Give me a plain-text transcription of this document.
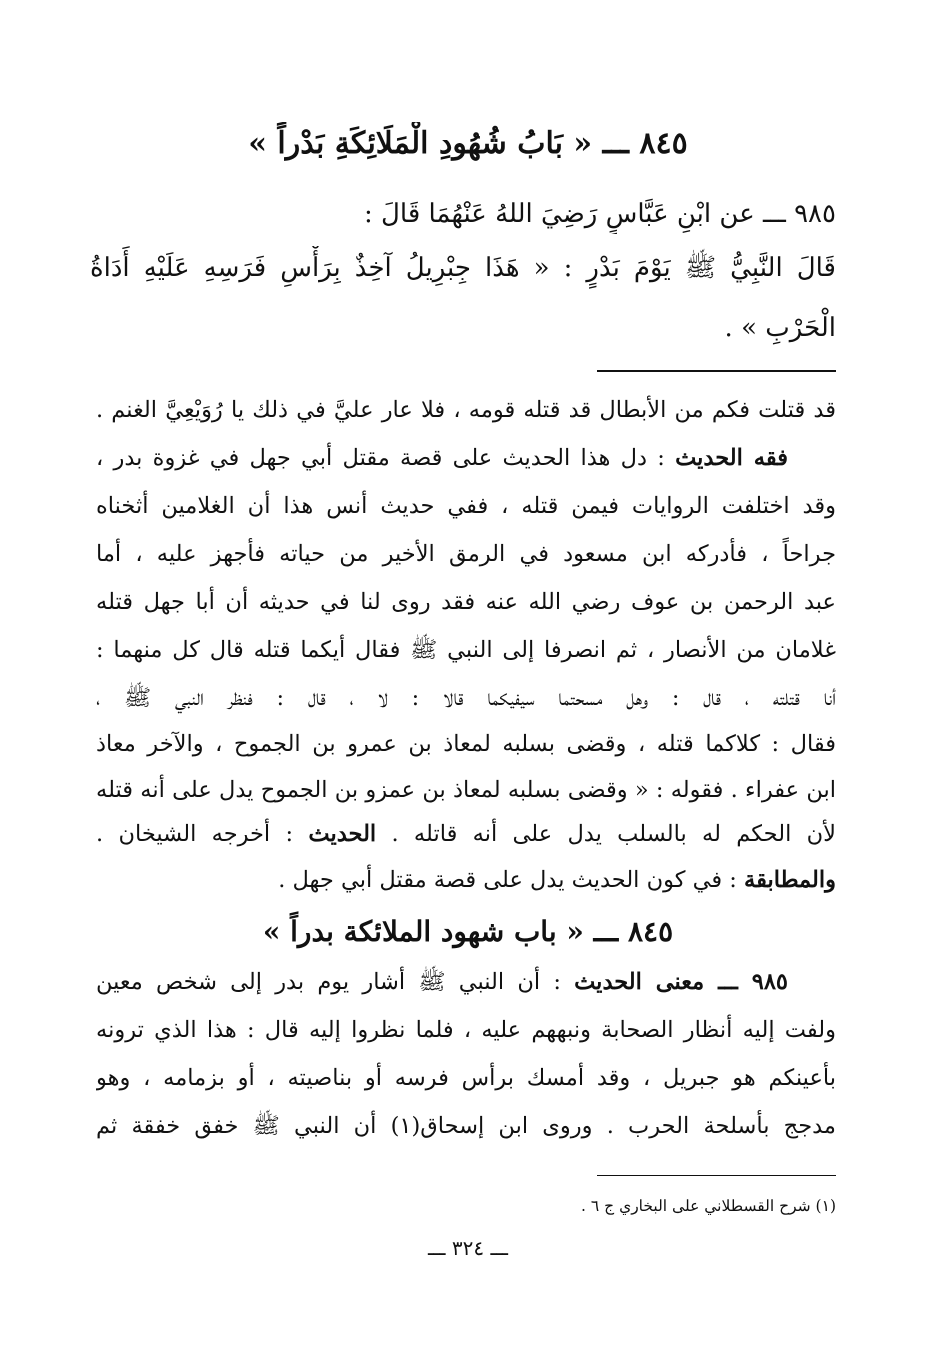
٨٤٥ ـــ « بَابُ شُهُودِ الْمَلَائِكَةِ بَدْراً »
٩٨٥ ـــ عن ابْنِ عَبَّاسٍ رَضِيَ اللهُ عَنْهُمَا قَالَ :
قَالَ النَّبِيُّ ﷺ يَوْمَ بَدْرٍ : « هَذَا جِبْرِيلُ آخِذٌ بِرَأْسِ فَرَسِهِ عَلَيْهِ أَدَاةُ
الْحَرْبِ » .
قد قتلت فكم من الأبطال قد قتله قومه ، فلا عار عليَّ في ذلك يا رُوَيْعِيَّ الغنم .
فقه الحديث : دل هذا الحديث على قصة مقتل أبي جهل في غزوة بدر ،
وقد اختلفت الروايات فيمن قتله ، ففي حديث أنس هذا أن الغلامين أثخناه
جراحاً ، فأدركه ابن مسعود في الرمق الأخير من حياته فأجهز عليه ، أما
عبد الرحمن بن عوف رضي الله عنه فقد روى لنا في حديثه أن أبا جهل قتله
غلامان من الأنصار ، ثم انصرفا إلى النبي ﷺ فقال أيكما قتله قال كل منهما :
أنا قتلته ، قال : وهل مسحتما سيفيكما قالا : لا ، قال : فنظر النبي ﷺ ،
فقال : كلاكما قتله ، وقضى بسلبه لمعاذ بن عمرو بن الجموح ، والآخر معاذ
ابن عفراء . فقوله : « وقضى بسلبه لمعاذ بن عمزو بن الجموح يدل على أنه قتله
لأن الحكم له بالسلب يدل على أنه قاتله . الحديث : أخرجه الشيخان .
والمطابقة : في كون الحديث يدل على قصة مقتل أبي جهل .
٨٤٥ ـــ « باب شهود الملائكة بدراً »
٩٨٥ ـــ معنى الحديث : أن النبي ﷺ أشار يوم بدر إلى شخص معين
ولفت إليه أنظار الصحابة ونبههم عليه ، فلما نظروا إليه قال : هذا الذي ترونه
بأعينكم هو جبريل ، وقد أمسك برأس فرسه أو بناصيته ، أو بزمامه ، وهو
مدجج بأسلحة الحرب . وروى ابن إسحاق(١) أن النبي ﷺ خفق خفقة ثم
(١) شرح القسطلاني على البخاري ج ٦ .
ـــ ٣٢٤ ـــ
